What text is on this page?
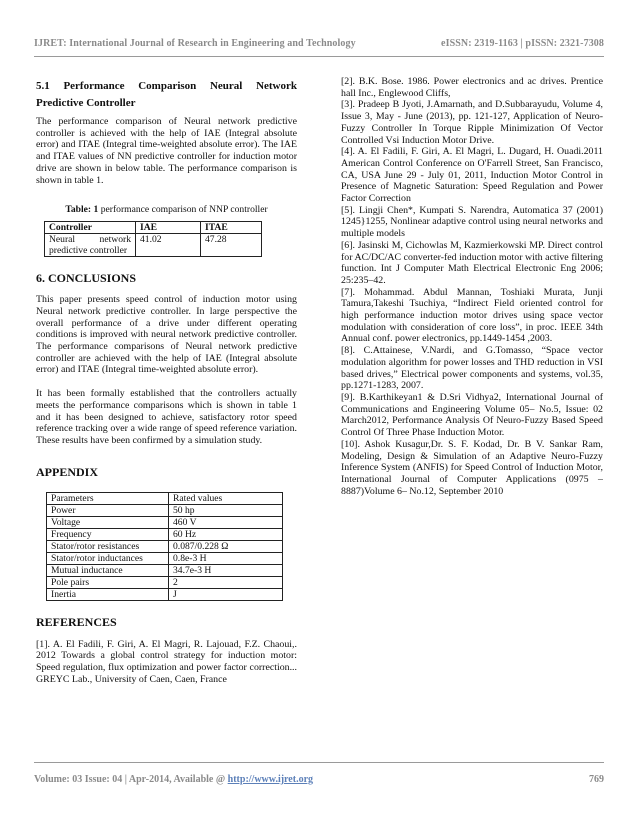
IJRET: International Journal of Research in Engineering and Technology	eISSN: 2319-1163 | pISSN: 2321-7308
5.1 Performance Comparison Neural Network
Predictive Controller

The performance comparison of Neural network predictive controller is achieved with the help of IAE (Integral absolute error) and ITAE (Integral time-weighted absolute error). The IAE and ITAE values of NN predictive controller for induction motor drive are shown in below table. The performance comparison is shown in table 1.

Table: 1 performance comparison of NNP controller
Controller	IAE	ITAE
Neural network predictive controller	41.02	47.28
6. CONCLUSIONS

This paper presents speed control of induction motor using Neural network predictive controller. In large perspective the overall performance of a drive under different operating conditions is improved with neural network predictive controller. The performance comparisons of Neural network predictive controller are achieved with the help of IAE (Integral absolute error) and ITAE (Integral time-weighted absolute error).

It has been formally established that the controllers actually meets the performance comparisons which is shown in table 1 and it has been designed to achieve, satisfactory rotor speed reference tracking over a wide range of speed reference variation. These results have been confirmed by a simulation study.

APPENDIX
Parameters	Rated values
Power	50 hp
Voltage	460 V
Frequency	60 Hz
Stator/rotor resistances	0.087/0.228 Ω
Stator/rotor inductances	0.8e-3 H
Mutual inductance	34.7e-3 H
Pole pairs	2
Inertia	J
REFERENCES

[1]. A. El Fadili, F. Giri, A. El Magri, R. Lajouad, F.Z. Chaoui,. 2012 Towards a global control strategy for induction motor: Speed regulation, flux optimization and power factor correction... GREYC Lab., University of Caen, Caen, France

[2]. B.K. Bose. 1986. Power electronics and ac drives. Prentice hall Inc., Englewood Cliffs,

[3]. Pradeep B Jyoti, J.Amarnath, and D.Subbarayudu, Volume 4, Issue 3, May - June (2013), pp. 121-127, Application of Neuro-Fuzzy Controller In Torque Ripple Minimization Of Vector Controlled Vsi Induction Motor Drive.

[4]. A. El Fadili, F. Giri, A. El Magri, L. Dugard, H. Ouadi.2011 American Control Conference on O'Farrell Street, San Francisco, CA, USA June 29 - July 01, 2011, Induction Motor Control in Presence of Magnetic Saturation: Speed Regulation and Power Factor Correction

[5]. Lingji Chen*, Kumpati S. Narendra, Automatica 37 (2001) 1245}1255, Nonlinear adaptive control using neural networks and multiple models

[6]. Jasinski M, Cichowlas M, Kazmierkowski MP. Direct control for AC/DC/AC converter-fed induction motor with active filtering function. Int J Computer Math Electrical Electronic Eng 2006; 25:235–42.

[7]. Mohammad. Abdul Mannan, Toshiaki Murata, Junji Tamura,Takeshi Tsuchiya, “Indirect Field oriented control for high performance induction motor drives using space vector modulation with consideration of core loss”, in proc. IEEE 34th Annual conf. power electronics, pp.1449-1454 ,2003.

[8]. C.Attainese, V.Nardi, and G.Tomasso, “Space vector modulation algorithm for power losses and THD reduction in VSI based drives,” Electrical power components and systems, vol.35, pp.1271-1283, 2007.

[9]. B.Karthikeyan1 & D.Sri Vidhya2, International Journal of Communications and Engineering Volume 05– No.5, Issue: 02 March2012, Performance Analysis Of Neuro-Fuzzy Based Speed Control Of Three Phase Induction Motor.

[10]. Ashok Kusagur,Dr. S. F. Kodad, Dr. B V. Sankar Ram, Modeling, Design & Simulation of an Adaptive Neuro-Fuzzy Inference System (ANFIS) for Speed Control of Induction Motor, International Journal of Computer Applications (0975 – 8887)Volume 6– No.12, September 2010

Volume: 03 Issue: 04 | Apr-2014, Available @ http://www.ijret.org	769
